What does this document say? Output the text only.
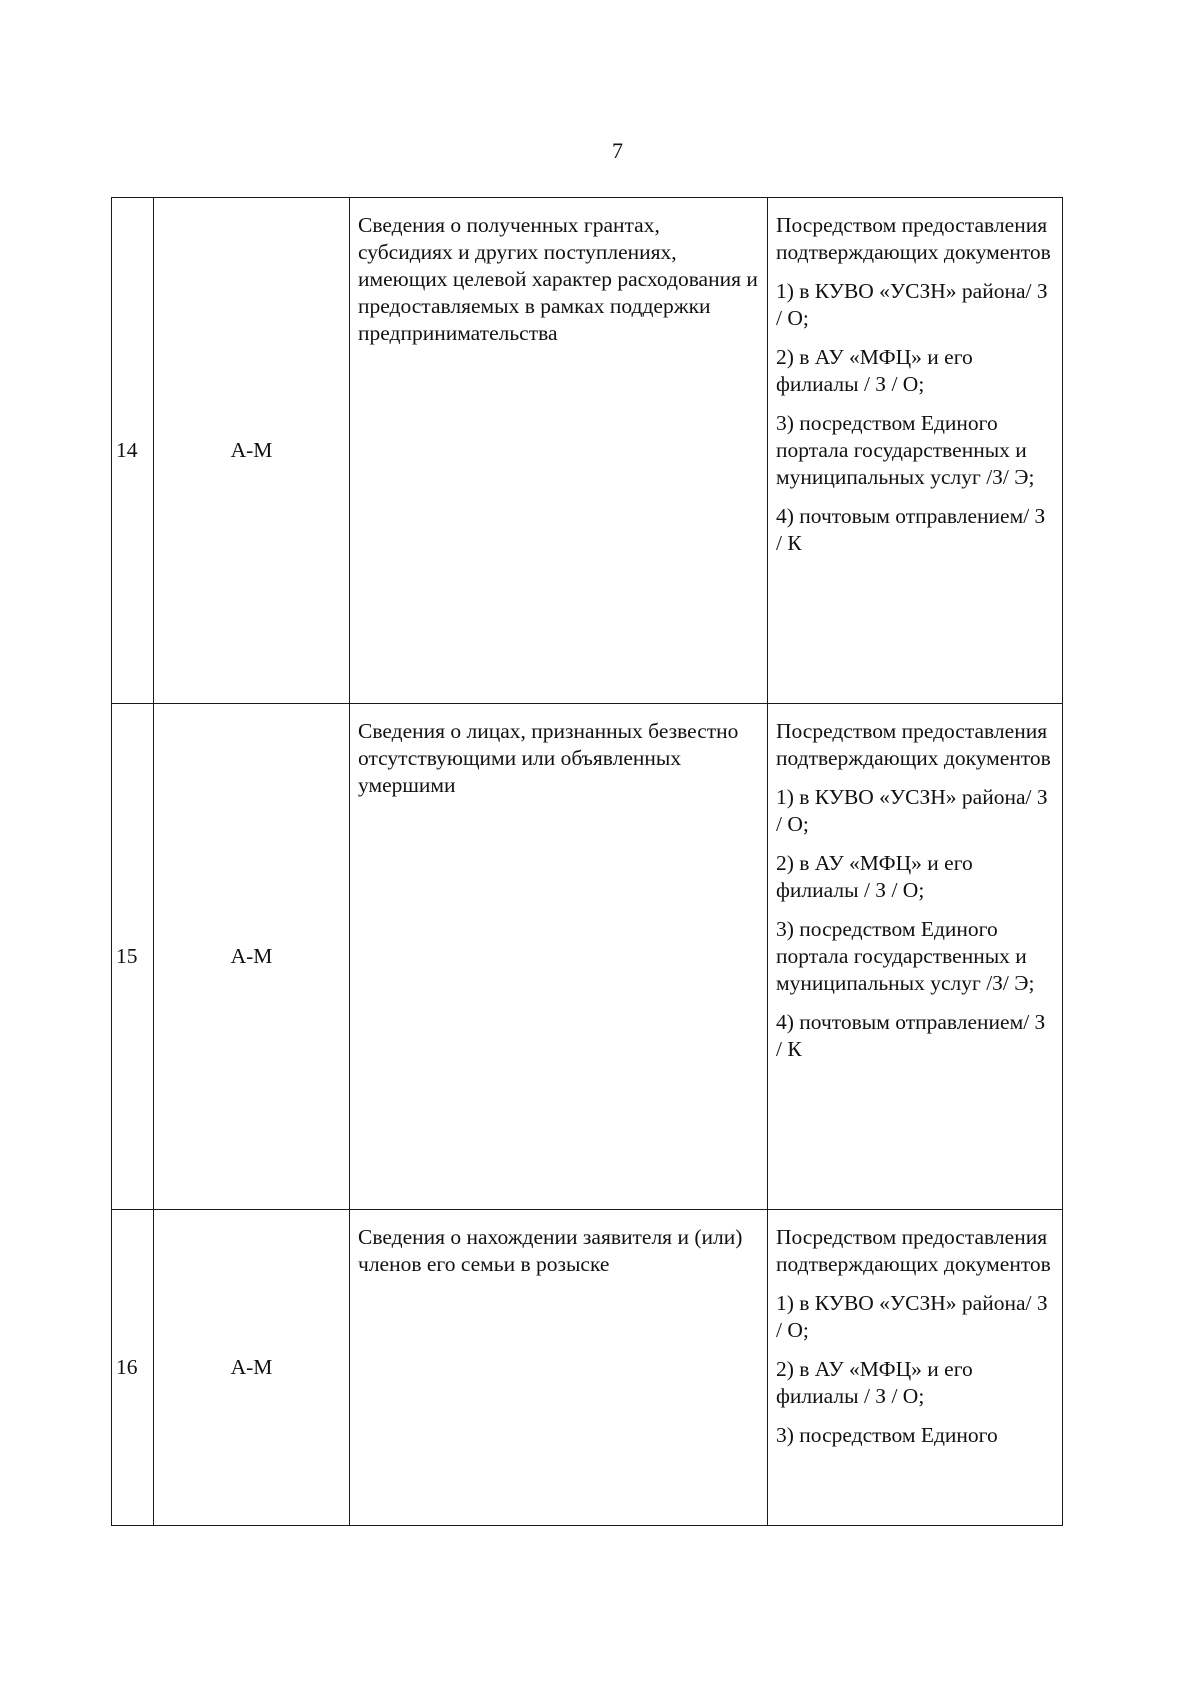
7
14	А-М	Сведения о полученных грантах, субсидиях и других поступлениях, имеющих целевой характер расходования и предоставляемых в рамках поддержки предпринимательства	Посредством предоставления подтверждающих документов
1) в КУВО «УСЗН» района/ З / О;
2) в АУ «МФЦ» и его филиалы / З / О;
3) посредством Единого портала государственных и муниципальных услуг /З/ Э;
4) почтовым отправлением/ З / К

15	А-М	Сведения о лицах, признанных безвестно отсутствующими или объявленных умершими	Посредством предоставления подтверждающих документов
1) в КУВО «УСЗН» района/ З / О;
2) в АУ «МФЦ» и его филиалы / З / О;
3) посредством Единого портала государственных и муниципальных услуг /З/ Э;
4) почтовым отправлением/ З / К

16	А-М	Сведения о нахождении заявителя и (или) членов его семьи в розыске	Посредством предоставления подтверждающих документов
1) в КУВО «УСЗН» района/ З / О;
2) в АУ «МФЦ» и его филиалы / З / О;
3) посредством Единого
